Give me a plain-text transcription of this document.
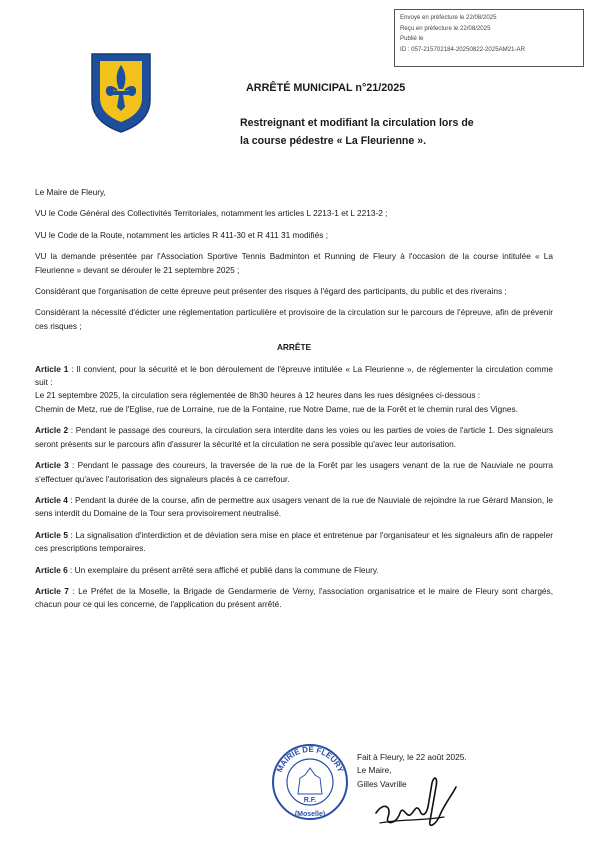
Envoyé en préfecture le 22/08/2025
Reçu en préfecture le 22/08/2025
Publié le
ID : 057-215702184-20250822-2025AM21-AR
ARRÊTÉ MUNICIPAL n°21/2025
Restreignant et modifiant la circulation lors de
la course pédestre « La Fleurienne ».

Le Maire de Fleury,

VU le Code Général des Collectivités Territoriales, notamment les articles L 2213-1 et L 2213-2 ;

VU le Code de la Route, notamment les articles R 411-30 et R 411 31 modifiés ;

VU la demande présentée par l'Association Sportive Tennis Badminton et Running de Fleury à l'occasion de la course intitulée « La Fleurienne » devant se dérouler le 21 septembre 2025 ;

Considérant que l'organisation de cette épreuve peut présenter des risques à l'égard des participants, du public et des riverains ;

Considérant la nécessité d'édicter une réglementation particulière et provisoire de la circulation sur le parcours de l'épreuve, afin de prévenir ces risques ;

ARRÊTE

Article 1 : Il convient, pour la sécurité et le bon déroulement de l'épreuve intitulée « La Fleurienne », de réglementer la circulation comme suit :

Le 21 septembre 2025, la circulation sera réglementée de 8h30 heures à 12 heures dans les rues désignées ci-dessous :

Chemin de Metz, rue de l'Eglise, rue de Lorraine, rue de la Fontaine, rue Notre Dame, rue de la Forêt et le chemin rural des Vignes.

Article 2 : Pendant le passage des coureurs, la circulation sera interdite dans les voies ou les parties de voies de l'article 1. Des signaleurs seront présents sur le parcours afin d'assurer la sécurité et la circulation ne sera possible qu'avec leur autorisation.

Article 3 : Pendant le passage des coureurs, la traversée de la rue de la Forêt par les usagers venant de la rue de Nauviale ne pourra s'effectuer qu'avec l'autorisation des signaleurs placés à ce carrefour.

Article 4 : Pendant la durée de la course, afin de permettre aux usagers venant de la rue de Nauviale de rejoindre la rue Gérard Mansion, le sens interdit du Domaine de la Tour sera provisoirement neutralisé.

Article 5 : La signalisation d'interdiction et de déviation sera mise en place et entretenue par l'organisateur et les signaleurs afin de rappeler ces prescriptions temporaires.

Article 6 : Un exemplaire du présent arrêté sera affiché et publié dans la commune de Fleury.

Article 7 : Le Préfet de la Moselle, la Brigade de Gendarmerie de Verny, l'association organisatrice et le maire de Fleury sont chargés, chacun pour ce qui les concerne, de l'application du présent arrêté.

MAIRIE DE FLEURY
R.F.
(Moselle)
Fait à Fleury, le 22 août 2025.
Le Maire,
Gilles Vavrille
